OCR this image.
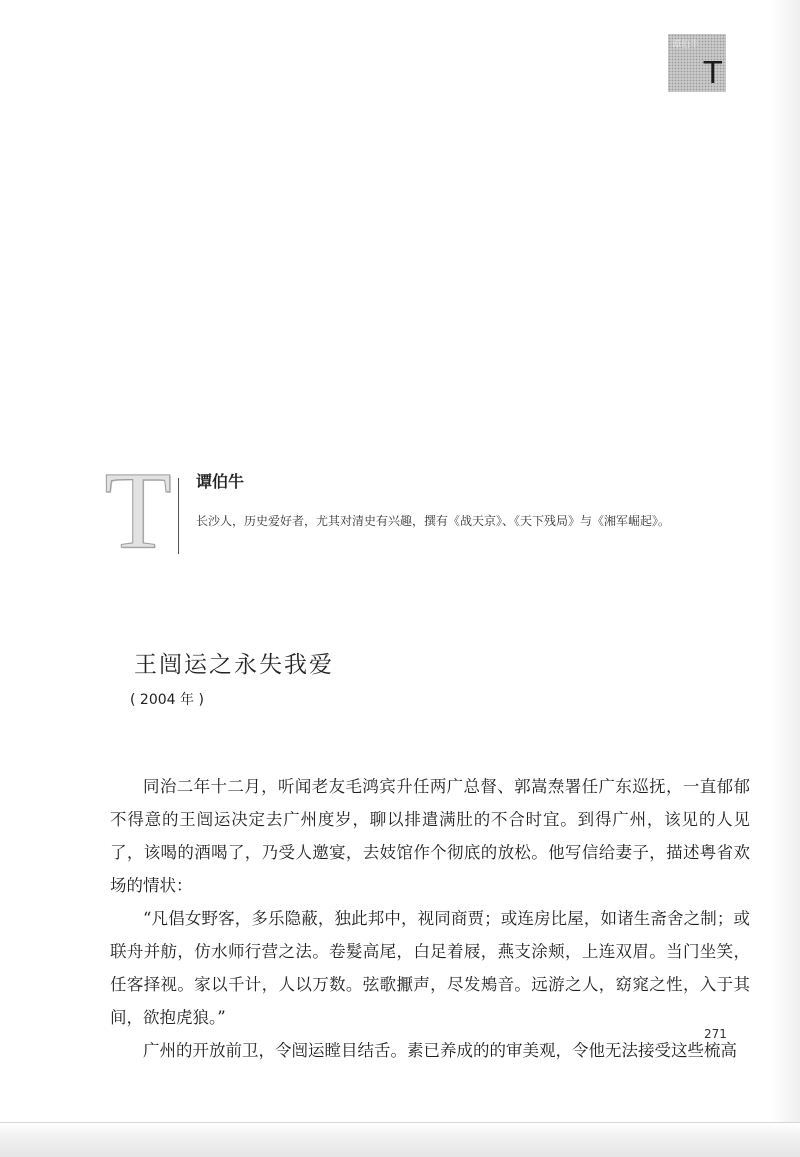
谭伯牛
T
T	谭伯牛
长沙人，历史爱好者，尤其对清史有兴趣，撰有《战天京》、《天下残局》与《湘军崛起》。
王闿运之永失我爱
( 2004 年 )

同治二年十二月，听闻老友毛鸿宾升任两广总督、郭嵩焘署任广东巡抚，一直郁郁不得意的王闿运决定去广州度岁，聊以排遣满肚的不合时宜。到得广州，该见的人见了，该喝的酒喝了，乃受人邀宴，去妓馆作个彻底的放松。他写信给妻子，描述粤省欢场的情状：

“凡倡女野客，多乐隐蔽，独此邦中，视同商贾；或连房比屋，如诸生斋舍之制；或联舟并舫，仿水师行营之法。卷髮高尾，白足着屐，燕支涂颊，上连双眉。当门坐笑，任客择视。家以千计，人以万数。弦歌擫声，尽发鴂音。远游之人，窈窕之性，入于其间，欲抱虎狼。”

广州的开放前卫，令闿运瞠目结舌。素已养成的的审美观，令他无法接受这些梳高

271
